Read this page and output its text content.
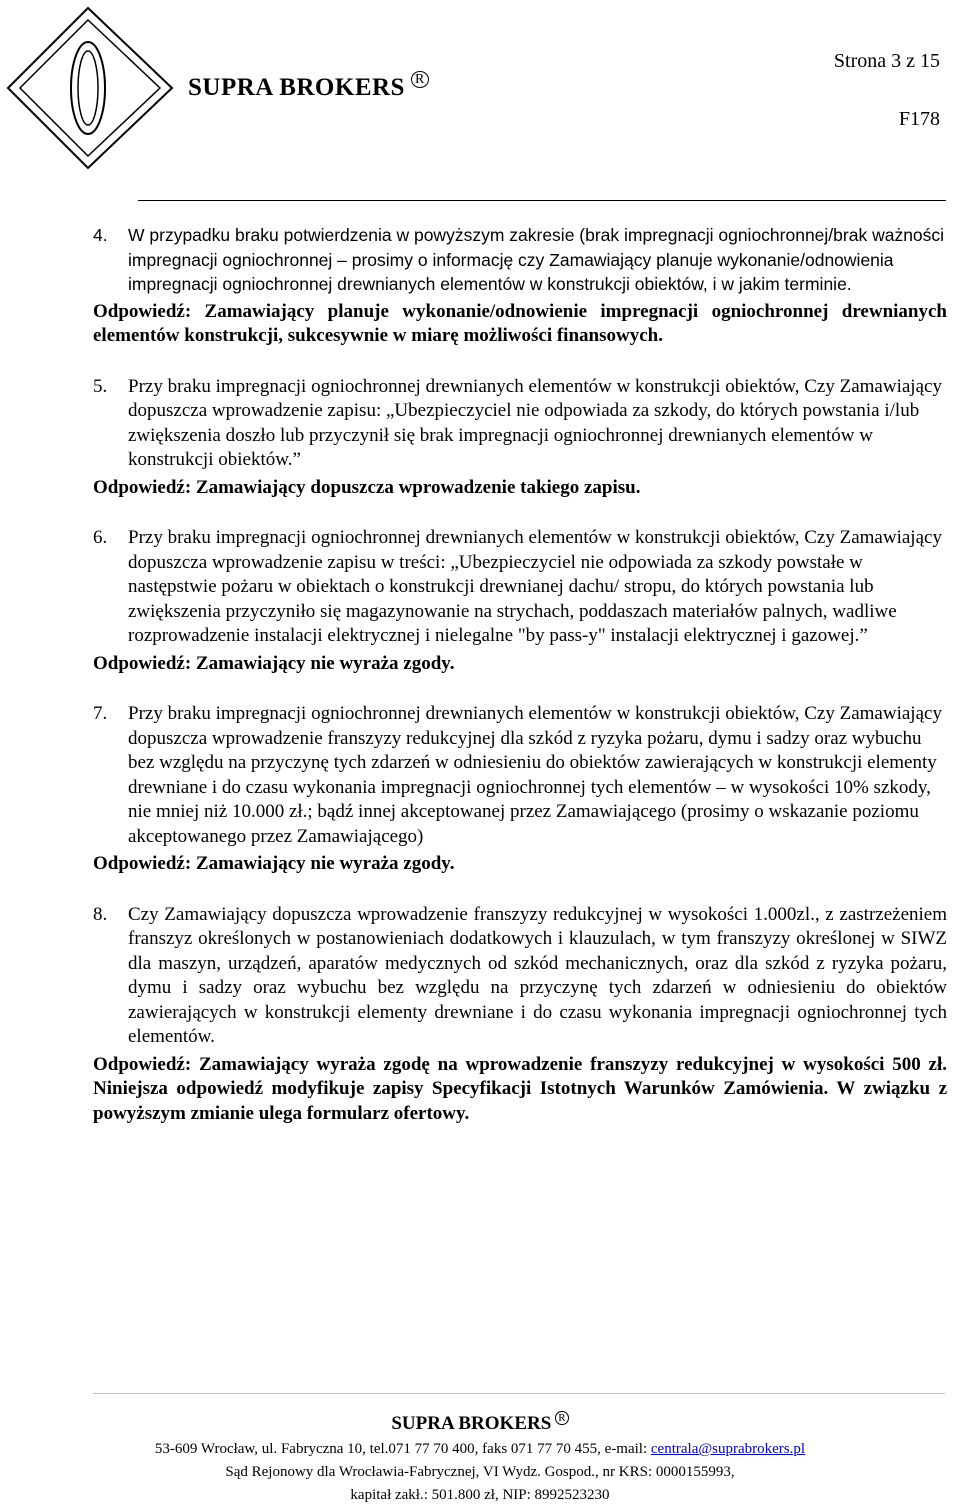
SUPRA BROKERS $^R$
Strona 3 z 15
F178
4.	W przypadku braku potwierdzenia w powyższym zakresie (brak impregnacji ogniochronnej/brak ważności impregnacji ogniochronnej – prosimy o informację czy Zamawiający planuje wykonanie/odnowienia impregnacji ogniochronnej drewnianych elementów w konstrukcji obiektów, i w jakim terminie.

Odpowiedź: Zamawiający planuje wykonanie/odnowienie impregnacji ogniochronnej drewnianych elementów konstrukcji, sukcesywnie w miarę możliwości finansowych.

5.	Przy braku impregnacji ogniochronnej drewnianych elementów w konstrukcji obiektów, Czy Zamawiający dopuszcza wprowadzenie zapisu: „Ubezpieczyciel nie odpowiada za szkody, do których powstania i/lub zwiększenia doszło lub przyczynił się brak impregnacji ogniochronnej drewnianych elementów w konstrukcji obiektów.”

Odpowiedź: Zamawiający dopuszcza wprowadzenie takiego zapisu.

6.	Przy braku impregnacji ogniochronnej drewnianych elementów w konstrukcji obiektów, Czy Zamawiający dopuszcza wprowadzenie zapisu w treści: „Ubezpieczyciel nie odpowiada za szkody powstałe w następstwie pożaru w obiektach o konstrukcji drewnianej dachu/ stropu, do których powstania lub zwiększenia przyczyniło się magazynowanie na strychach, poddaszach materiałów palnych, wadliwe rozprowadzenie instalacji elektrycznej i nielegalne "by pass-y" instalacji elektrycznej i gazowej.”

Odpowiedź: Zamawiający nie wyraża zgody.

7.	Przy braku impregnacji ogniochronnej drewnianych elementów w konstrukcji obiektów, Czy Zamawiający dopuszcza wprowadzenie franszyzy redukcyjnej dla szkód z ryzyka pożaru, dymu i sadzy oraz wybuchu bez względu na przyczynę tych zdarzeń w odniesieniu do obiektów zawierających w konstrukcji elementy drewniane i do czasu wykonania impregnacji ogniochronnej tych elementów – w wysokości 10% szkody, nie mniej niż 10.000 zł.; bądź innej akceptowanej przez Zamawiającego (prosimy o wskazanie poziomu akceptowanego przez Zamawiającego)

Odpowiedź: Zamawiający nie wyraża zgody.

8.	Czy Zamawiający dopuszcza wprowadzenie franszyzy redukcyjnej w wysokości 1.000zl., z zastrzeżeniem franszyz określonych w postanowieniach dodatkowych i klauzulach, w tym franszyzy określonej w SIWZ dla maszyn, urządzeń, aparatów medycznych od szkód mechanicznych, oraz dla szkód z ryzyka pożaru, dymu i sadzy oraz wybuchu bez względu na przyczynę tych zdarzeń w odniesieniu do obiektów zawierających w konstrukcji elementy drewniane i do czasu wykonania impregnacji ogniochronnej tych elementów.

Odpowiedź: Zamawiający wyraża zgodę na wprowadzenie franszyzy redukcyjnej w wysokości 500 zł. Niniejsza odpowiedź modyfikuje zapisy Specyfikacji Istotnych Warunków Zamówienia. W związku z powyższym zmianie ulega formularz ofertowy.

SUPRA BROKERS $^R$
53-609 Wrocław, ul. Fabryczna 10, tel.071 77 70 400, faks 071 77 70 455, e-mail: centrala@suprabrokers.pl
Sąd Rejonowy dla Wrocławia-Fabrycznej, VI Wydz. Gospod., nr KRS: 0000155993,
kapitał zakł.: 501.800 zł, NIP: 8992523230
